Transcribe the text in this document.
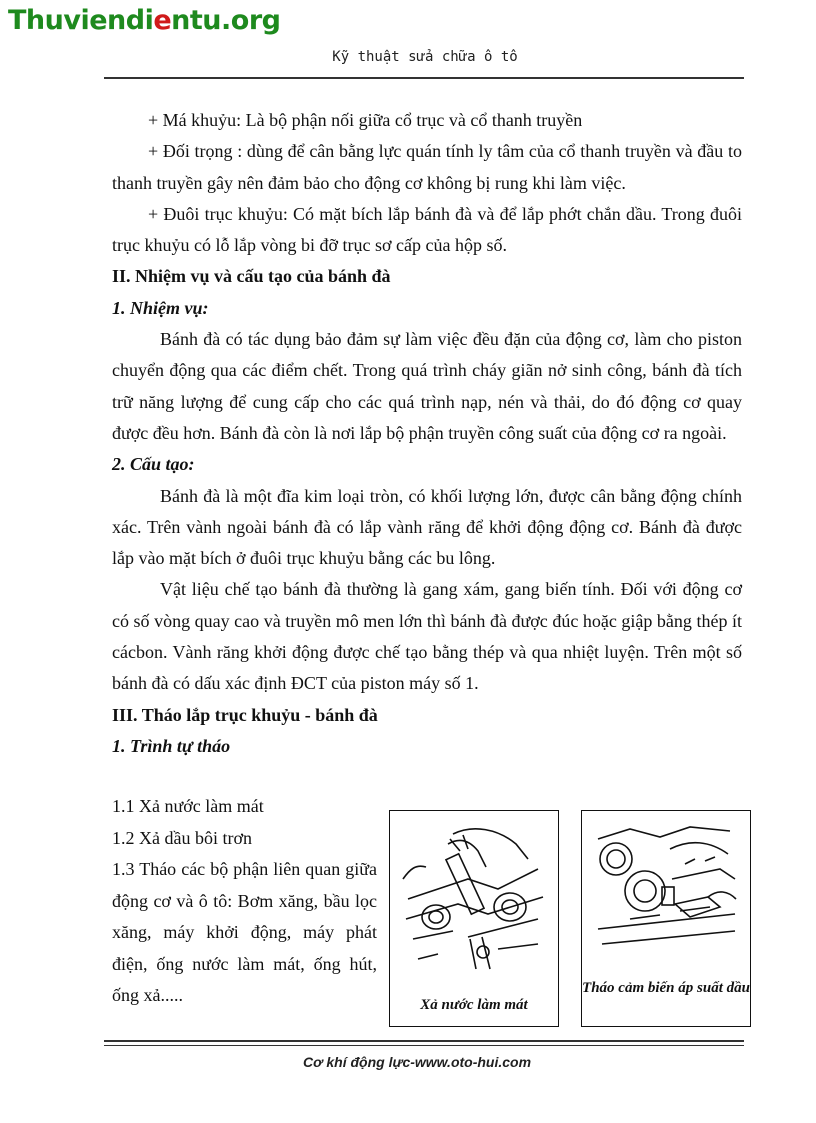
Thuviendientu.org
Kỹ thuật sửa chữa ô tô

+ Má khuỷu: Là bộ phận nối giữa cổ trục và cổ thanh truyền

+ Đối trọng : dùng để cân bằng lực quán tính ly tâm của cổ thanh truyền và đầu to thanh truyền gây nên đảm bảo cho động cơ không bị rung khi làm việc.

+ Đuôi trục khuỷu: Có mặt bích lắp bánh đà và để lắp phớt chắn dầu. Trong đuôi trục khuỷu có lỗ lắp vòng bi đỡ trục sơ cấp của hộp số.

II. Nhiệm vụ và cấu tạo của bánh đà

1. Nhiệm vụ:

Bánh đà có tác dụng bảo đảm sự làm việc đều đặn của động cơ, làm cho piston chuyển động qua các điểm chết. Trong quá trình cháy giãn nở sinh công, bánh đà tích trữ năng lượng để cung cấp cho các quá trình nạp, nén và thải, do đó động cơ quay được đều hơn. Bánh đà còn là nơi lắp bộ phận truyền công suất của động cơ ra ngoài.

2. Cấu tạo:

Bánh đà là một đĩa kim loại tròn, có khối lượng lớn, được cân bằng động chính xác. Trên vành ngoài bánh đà có lắp vành răng để khởi động động cơ. Bánh đà được lắp vào mặt bích ở đuôi trục khuỷu bằng các bu lông.

Vật liệu chế tạo bánh đà thường là gang xám, gang biến tính. Đối với động cơ có số vòng quay cao và truyền mô men lớn thì bánh đà được đúc hoặc giập bằng thép ít cácbon. Vành răng khởi động được chế tạo bằng thép và qua nhiệt luyện. Trên một số bánh đà có dấu xác định ĐCT của piston máy số 1.

III. Tháo lắp trục khuỷu - bánh đà

1. Trình tự tháo

1.1 Xả nước làm mát

1.2 Xả dầu bôi trơn

1.3 Tháo các bộ phận liên quan giữa động cơ và ô tô: Bơm xăng, bầu lọc xăng, máy khởi động, máy phát điện, ống nước làm mát, ống hút, ống xả.....	Xả nước làm mát
Tháo cảm biến áp suất dầu
Cơ khí động lực-www.oto-hui.com
